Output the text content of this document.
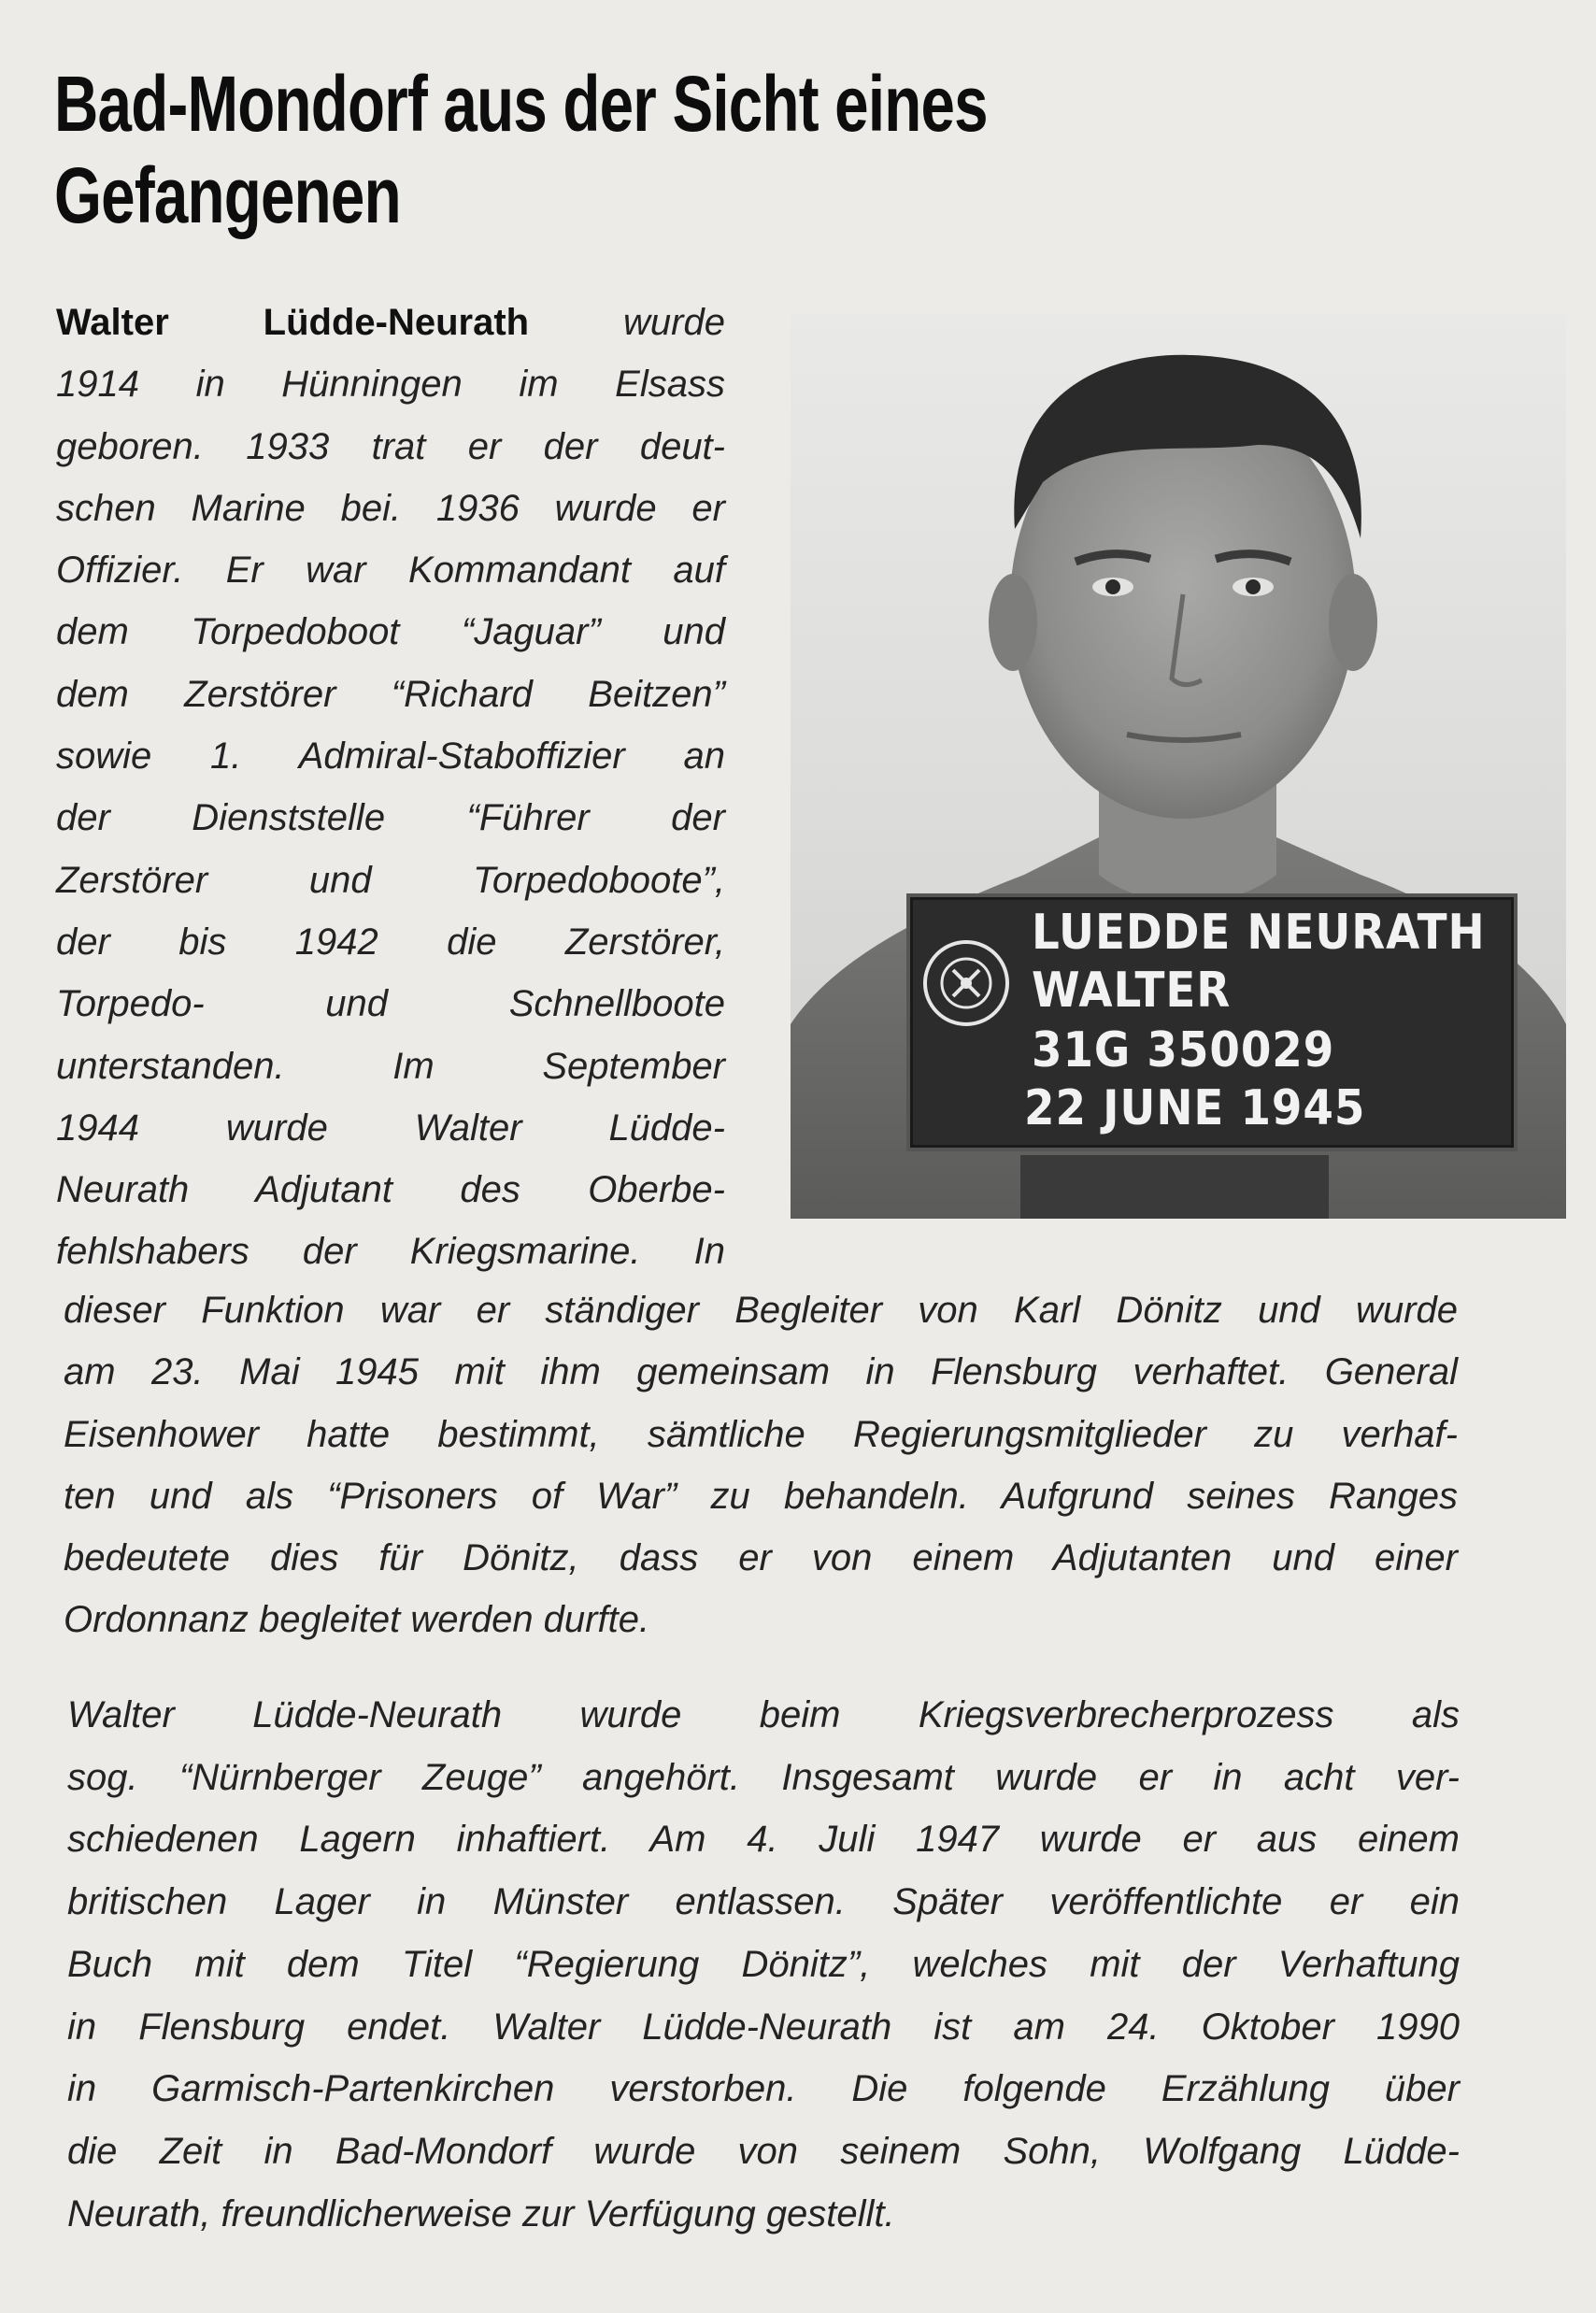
Bad-Mondorf aus der Sicht eines
Gefangenen
Walter Lüdde-Neurath	wurde
1914 in Hünningen im Elsass
geboren. 1933 trat er der deut-
schen Marine bei. 1936 wurde er
Offizier. Er war Kommandant auf
dem Torpedoboot “Jaguar” und
dem Zerstörer “Richard Beitzen”
sowie 1. Admiral-Staboffizier an
der Dienststelle “Führer der
Zerstörer und Torpedoboote”,
der bis 1942 die Zerstörer,
Torpedo- und Schnellboote
unterstanden. Im September
1944 wurde Walter Lüdde-
Neurath Adjutant des Oberbe-
fehlshabers der Kriegsmarine. In
LUEDDE NEURATH
WALTER
31G 350029
22 JUNE 1945
dieser Funktion war er ständiger Begleiter von Karl Dönitz und wurde
am 23. Mai 1945 mit ihm gemeinsam in Flensburg verhaftet. General
Eisenhower hatte bestimmt, sämtliche Regierungsmitglieder zu verhaf-
ten und als “Prisoners of War” zu behandeln. Aufgrund seines Ranges
bedeutete dies für Dönitz, dass er von einem Adjutanten und einer
Ordonnanz begleitet werden durfte.
Walter Lüdde-Neurath wurde beim Kriegsverbrecherprozess als
sog. “Nürnberger Zeuge” angehört. Insgesamt wurde er in acht ver-
schiedenen Lagern inhaftiert. Am 4. Juli 1947 wurde er aus einem
britischen Lager in Münster entlassen. Später veröffentlichte er ein
Buch mit dem Titel “Regierung Dönitz”, welches mit der Verhaftung
in Flensburg endet. Walter Lüdde-Neurath ist am 24. Oktober 1990
in Garmisch-Partenkirchen verstorben. Die folgende Erzählung über
die Zeit in Bad-Mondorf wurde von seinem Sohn, Wolfgang Lüdde-
Neurath, freundlicherweise zur Verfügung gestellt.
